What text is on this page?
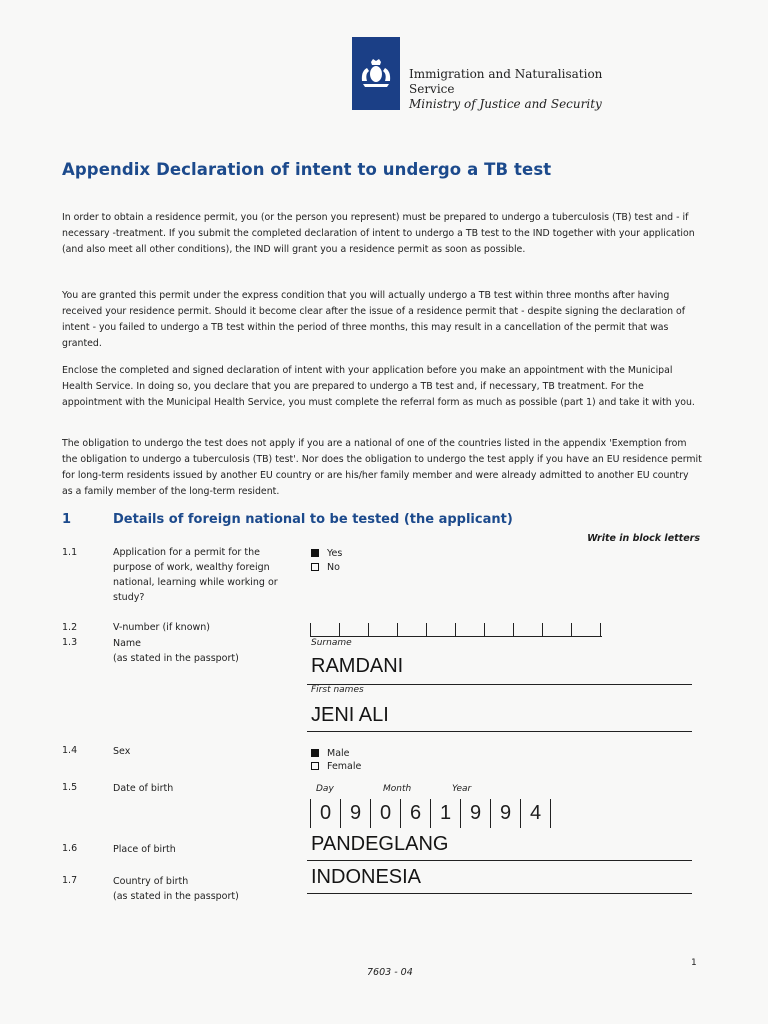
Immigration and Naturalisation
Service
Ministry of Justice and Security
Appendix Declaration of intent to undergo a TB test

In order to obtain a residence permit, you (or the person you represent) must be prepared to undergo a tuberculosis (TB) test and - if necessary -treatment. If you submit the completed declaration of intent to undergo a TB test to the IND together with your application (and also meet all other conditions), the IND will grant you a residence permit as soon as possible.

You are granted this permit under the express condition that you will actually undergo a TB test within three months after having received your residence permit. Should it become clear after the issue of a residence permit that - despite signing the declaration of intent - you failed to undergo a TB test within the period of three months, this may result in a cancellation of the permit that was granted.

Enclose the completed and signed declaration of intent with your application before you make an appointment with the Municipal Health Service. In doing so, you declare that you are prepared to undergo a TB test and, if necessary, TB treatment. For the appointment with the Municipal Health Service, you must complete the referral form as much as possible (part 1) and take it with you.

The obligation to undergo the test does not apply if you are a national of one of the countries listed in the appendix 'Exemption from the obligation to undergo a tuberculosis (TB) test'. Nor does the obligation to undergo the test apply if you have an EU residence permit for long-term residents issued by another EU country or are his/her family member and were already admitted to another EU country as a family member of the long-term resident.

1	Details of foreign national to be tested (the applicant)
Write in block letters
1.1	Application for a permit for the purpose of work, wealthy foreign national, learning while working or study?
Yes
No
1.2	V-number (if known)
1.3	Name
(as stated in the passport)
Surname
RAMDANI
First names
JENI ALI
1.4	Sex	Male
Female
1.5	Date of birth	Day	Month	Year
0 9 0 6 1 9 9 4
1.6	Place of birth	PANDEGLANG
1.7	Country of birth
(as stated in the passport)
INDONESIA
7603 - 04
1
